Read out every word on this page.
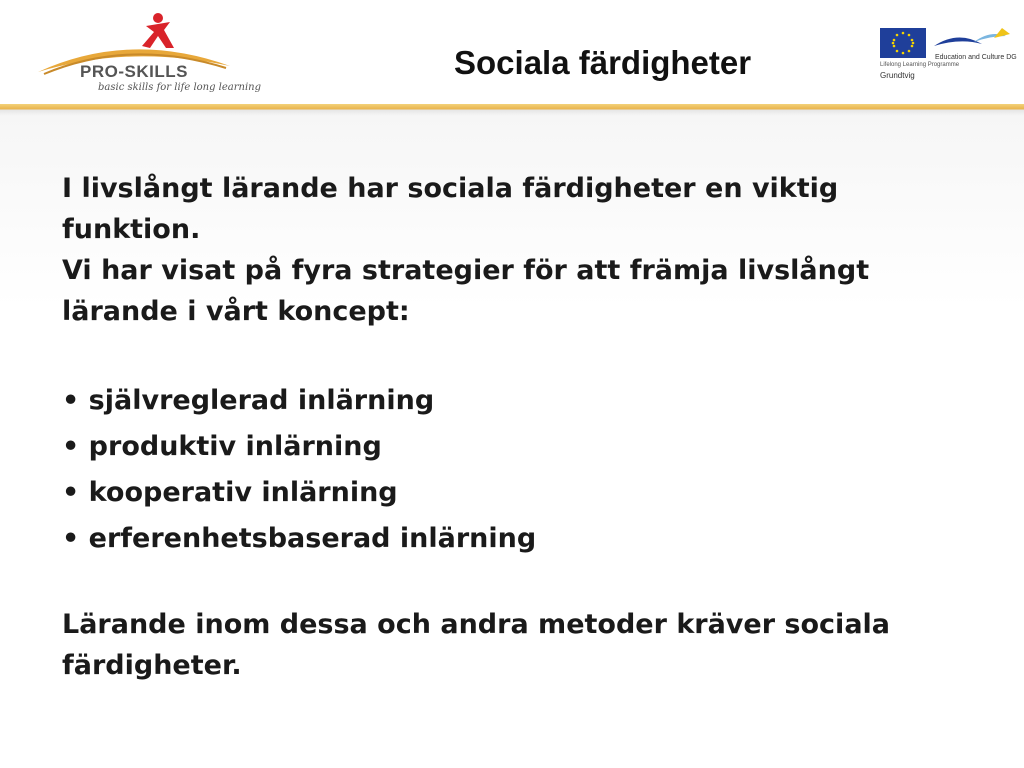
PRO-SKILLS
basic skills for life long learning
Sociala färdigheter	Education and Culture DG
Lifelong Learning Programme
Grundtvig

I livslångt lärande har sociala färdigheter en viktig funktion.

Vi har visat på fyra strategier för att främja livslångt lärande i vårt koncept:

• självreglerad inlärning
• produktiv inlärning
• kooperativ inlärning
• erferenhetsbaserad inlärning

Lärande inom dessa och andra metoder kräver sociala färdigheter.
